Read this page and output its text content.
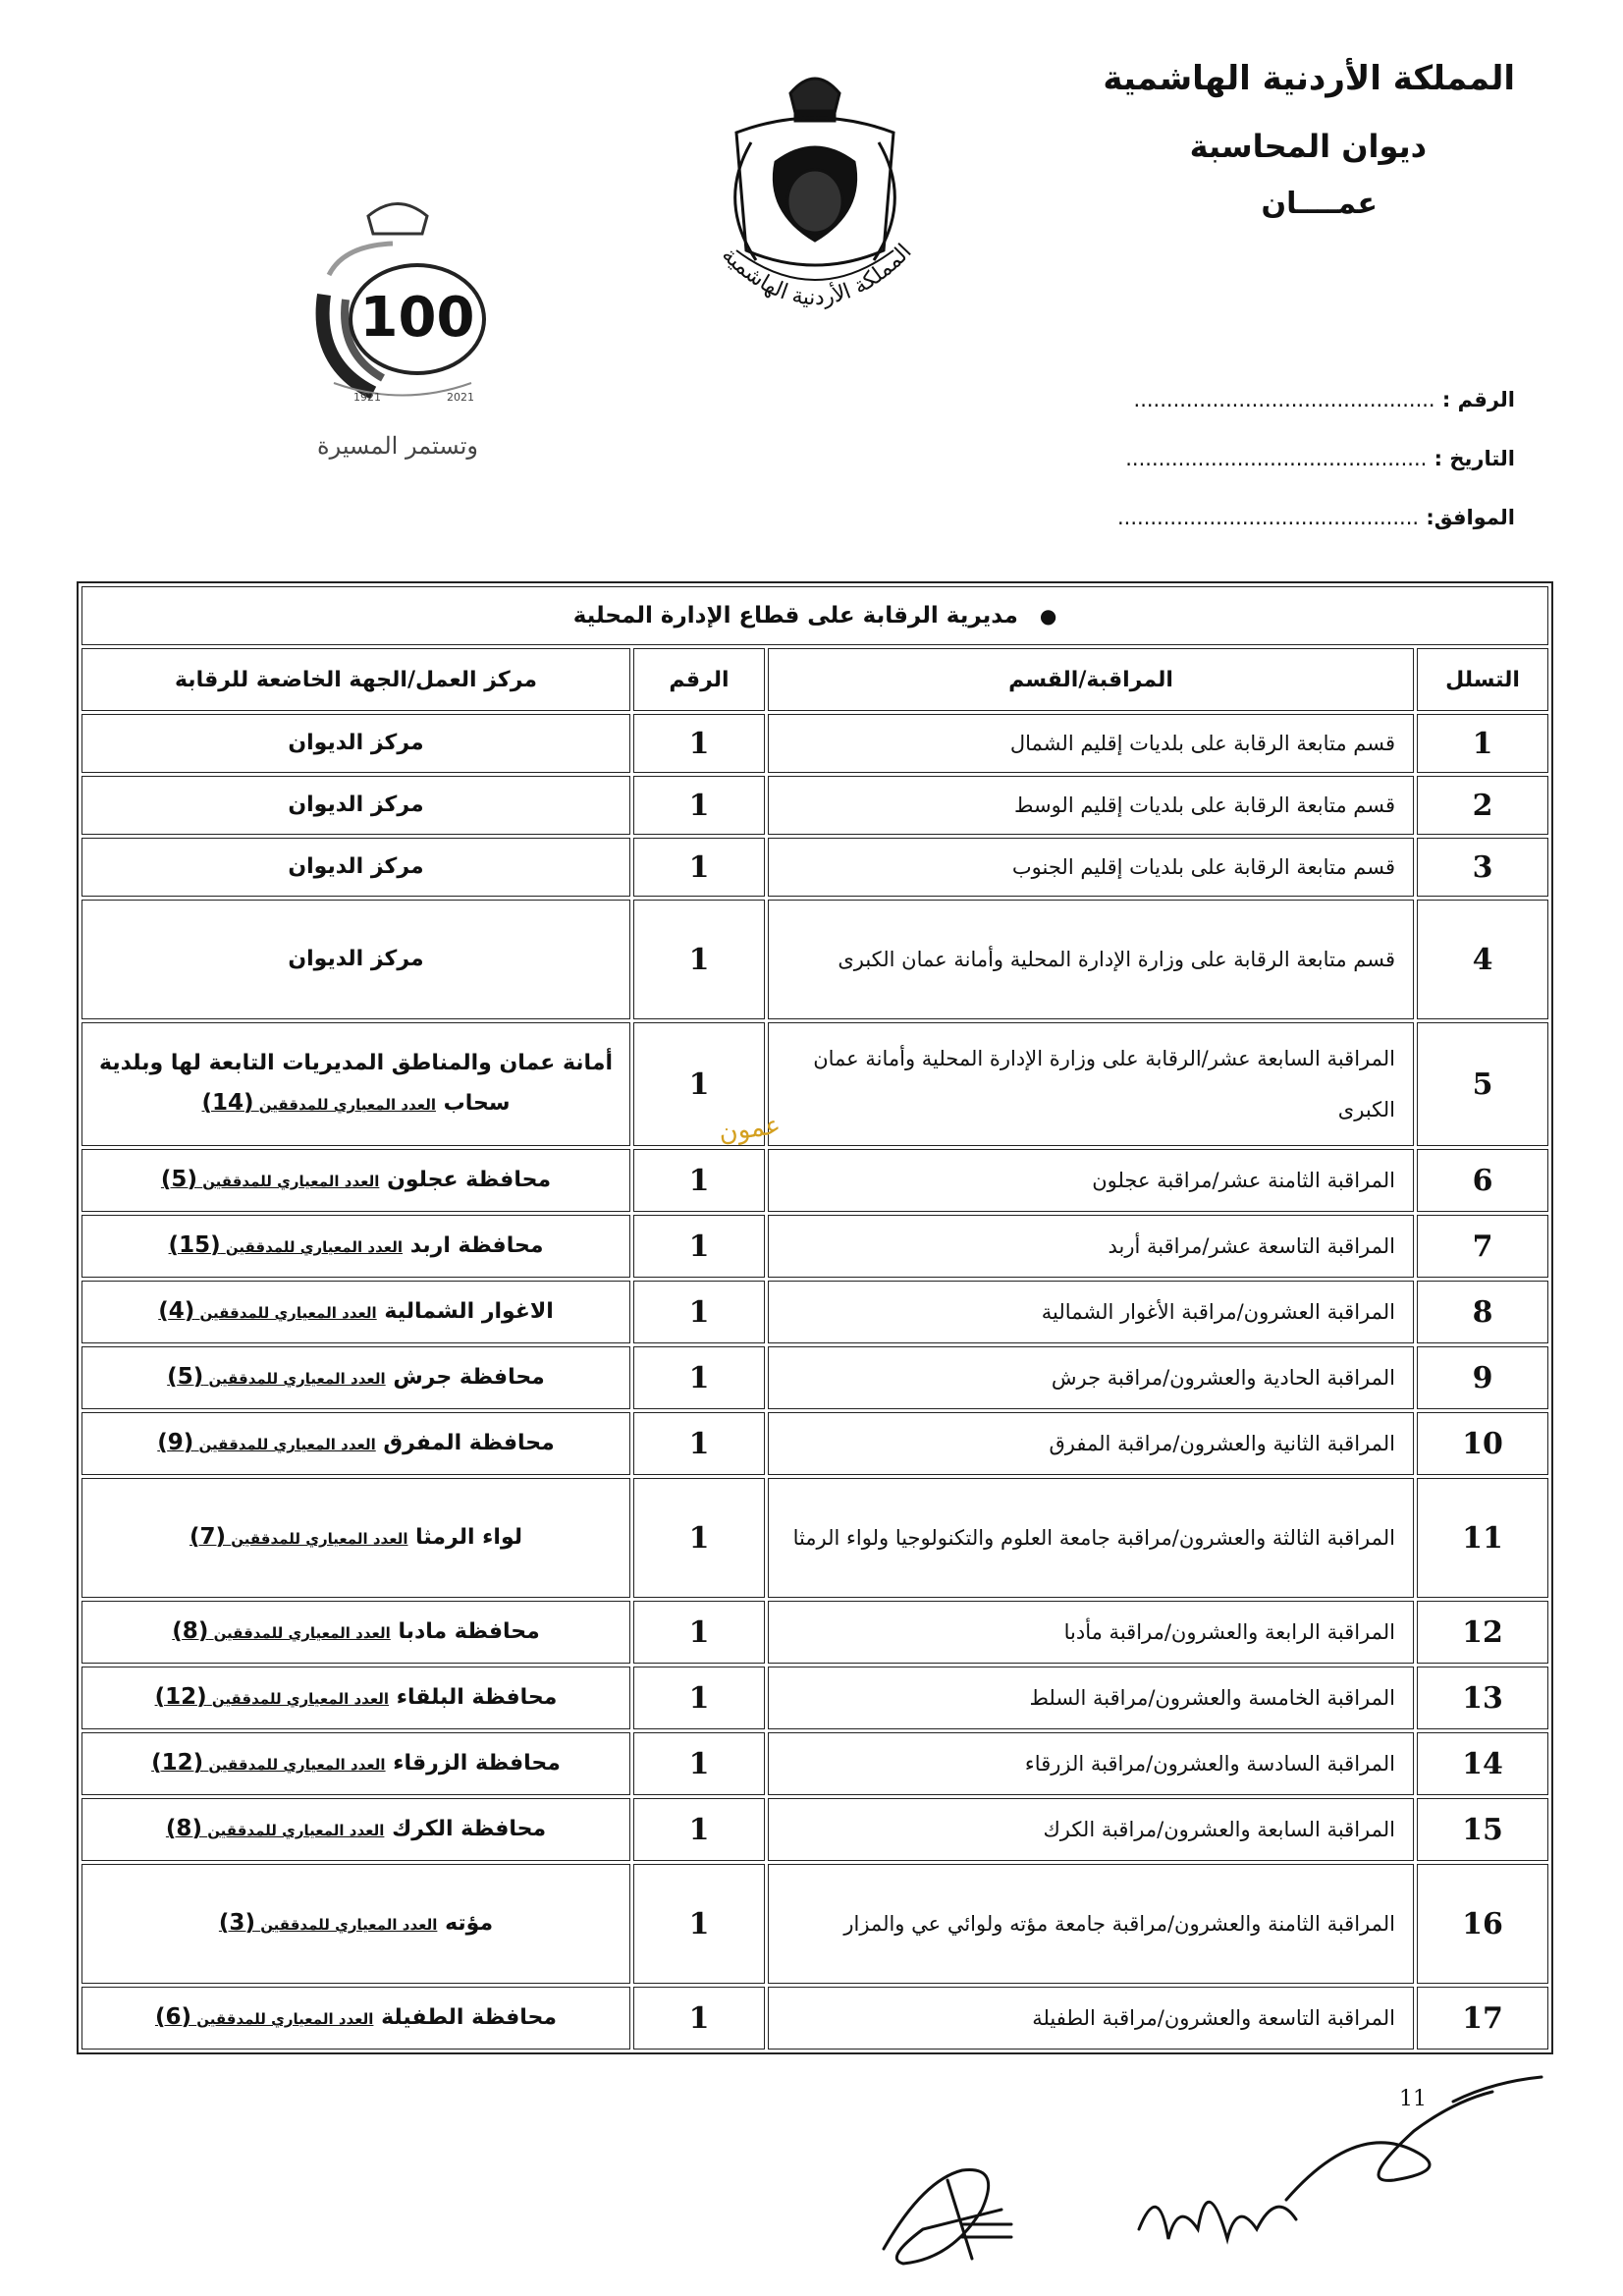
المملكة الأردنية الهاشمية
ديوان المحاسبة
عمــــان
المملكة الأردنية الهاشمية
100
1921	2021
وتستمر المسيرة
الرقم : ..............................................
التاريخ : ..............................................
الموافق: ..............................................
● مديرية الرقابة على قطاع الإدارة المحلية			
التسلل	المراقبة/القسم	الرقم	مركز العمل/الجهة الخاضعة للرقابة
1	قسم متابعة الرقابة على بلديات إقليم الشمال	1	مركز الديوان
2	قسم متابعة الرقابة على بلديات إقليم الوسط	1	مركز الديوان
3	قسم متابعة الرقابة على بلديات إقليم الجنوب	1	مركز الديوان
4	قسم متابعة الرقابة على وزارة الإدارة المحلية وأمانة عمان الكبرى	1	مركز الديوان
5	المراقبة السابعة عشر/الرقابة على وزارة الإدارة المحلية وأمانة عمان الكبرى	1	أمانة عمان والمناطق المديريات التابعة لها وبلدية سحاب العدد المعياري للمدققين (14)
6	المراقبة الثامنة عشر/مراقبة عجلون	1	محافظة عجلون العدد المعياري للمدققين (5)
7	المراقبة التاسعة عشر/مراقبة أربد	1	محافظة اربد العدد المعياري للمدققين (15)
8	المراقبة العشرون/مراقبة الأغوار الشمالية	1	الاغوار الشمالية العدد المعياري للمدققين (4)
9	المراقبة الحادية والعشرون/مراقبة جرش	1	محافظة جرش العدد المعياري للمدققين (5)
10	المراقبة الثانية والعشرون/مراقبة المفرق	1	محافظة المفرق العدد المعياري للمدققين (9)
11	المراقبة الثالثة والعشرون/مراقبة جامعة العلوم والتكنولوجيا ولواء الرمثا	1	لواء الرمثا العدد المعياري للمدققين (7)
12	المراقبة الرابعة والعشرون/مراقبة مأدبا	1	محافظة مادبا العدد المعياري للمدققين (8)
13	المراقبة الخامسة والعشرون/مراقبة السلط	1	محافظة البلقاء العدد المعياري للمدققين (12)
14	المراقبة السادسة والعشرون/مراقبة الزرقاء	1	محافظة الزرقاء العدد المعياري للمدققين (12)
15	المراقبة السابعة والعشرون/مراقبة الكرك	1	محافظة الكرك العدد المعياري للمدققين (8)
16	المراقبة الثامنة والعشرون/مراقبة جامعة مؤته ولوائي عي والمزار	1	مؤته العدد المعياري للمدققين (3)
17	المراقبة التاسعة والعشرون/مراقبة الطفيلة	1	محافظة الطفيلة العدد المعياري للمدققين (6)
عمون
11
